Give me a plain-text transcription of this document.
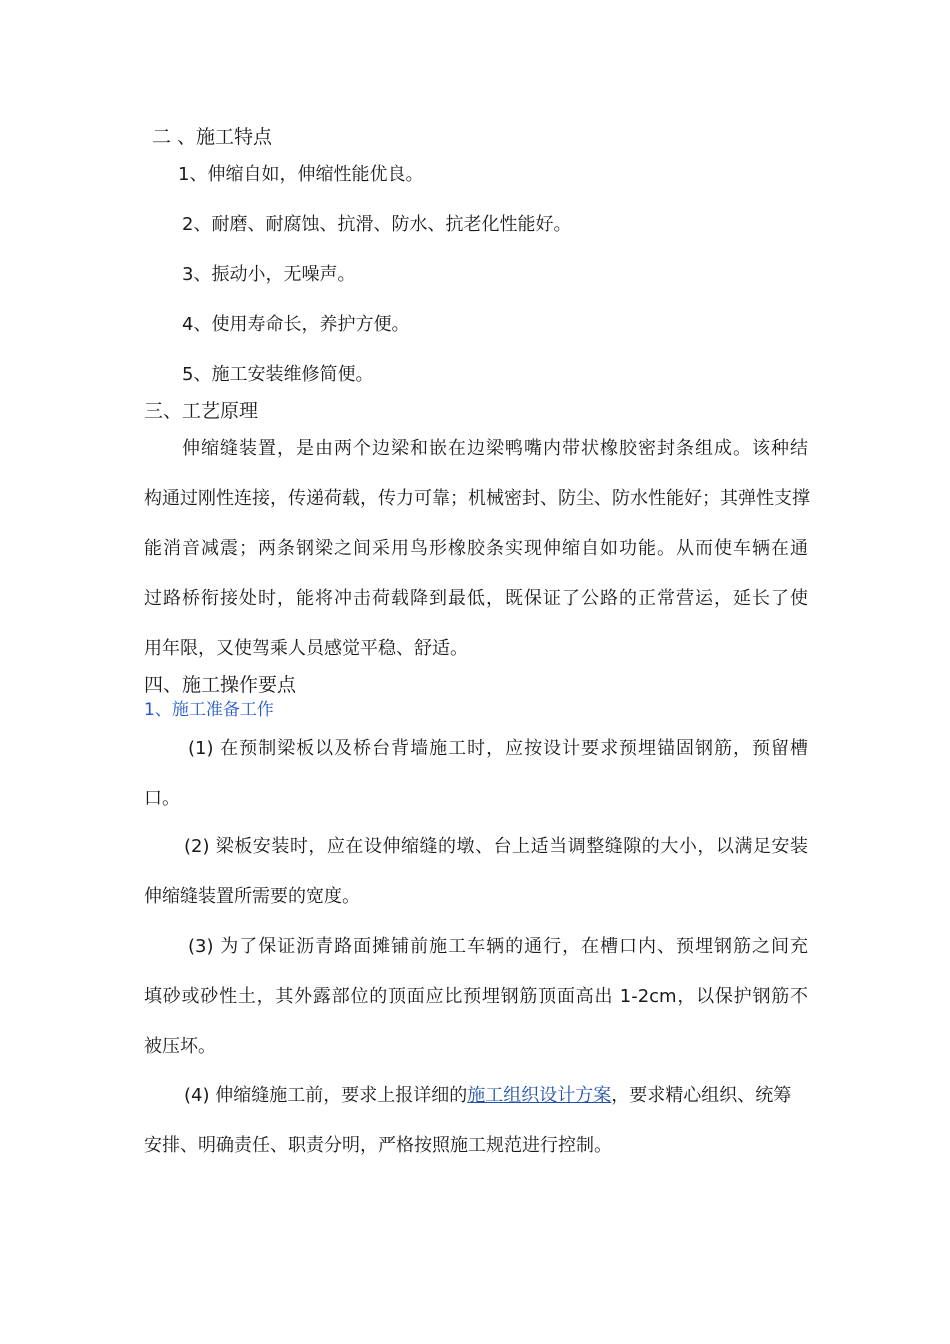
二 、施工特点
1、伸缩自如，伸缩性能优良。
2、耐磨、耐腐蚀、抗滑、防水、抗老化性能好。
3、振动小，无噪声。
4、使用寿命长，养护方便。
5、施工安装维修简便。
三、工艺原理
伸缩缝装置，是由两个边梁和嵌在边梁鸭嘴内带状橡胶密封条组成。该种结
构通过刚性连接，传递荷载，传力可靠；机械密封、防尘、防水性能好；其弹性支撑
能消音减震；两条钢梁之间采用鸟形橡胶条实现伸缩自如功能。从而使车辆在通
过路桥衔接处时，能将冲击荷载降到最低，既保证了公路的正常营运，延长了使
用年限，又使驾乘人员感觉平稳、舒适。
四、施工操作要点
1、施工准备工作
(1) 在预制梁板以及桥台背墙施工时，应按设计要求预埋锚固钢筋，预留槽
口。
(2) 梁板安装时，应在设伸缩缝的墩、台上适当调整缝隙的大小，以满足安装
伸缩缝装置所需要的宽度。
(3) 为了保证沥青路面摊铺前施工车辆的通行，在槽口内、预埋钢筋之间充
填砂或砂性土，其外露部位的顶面应比预埋钢筋顶面高出 1-2cm，以保护钢筋不
被压坏。
(4) 伸缩缝施工前，要求上报详细的施工组织设计方案，要求精心组织、统筹
安排、明确责任、职责分明，严格按照施工规范进行控制。
